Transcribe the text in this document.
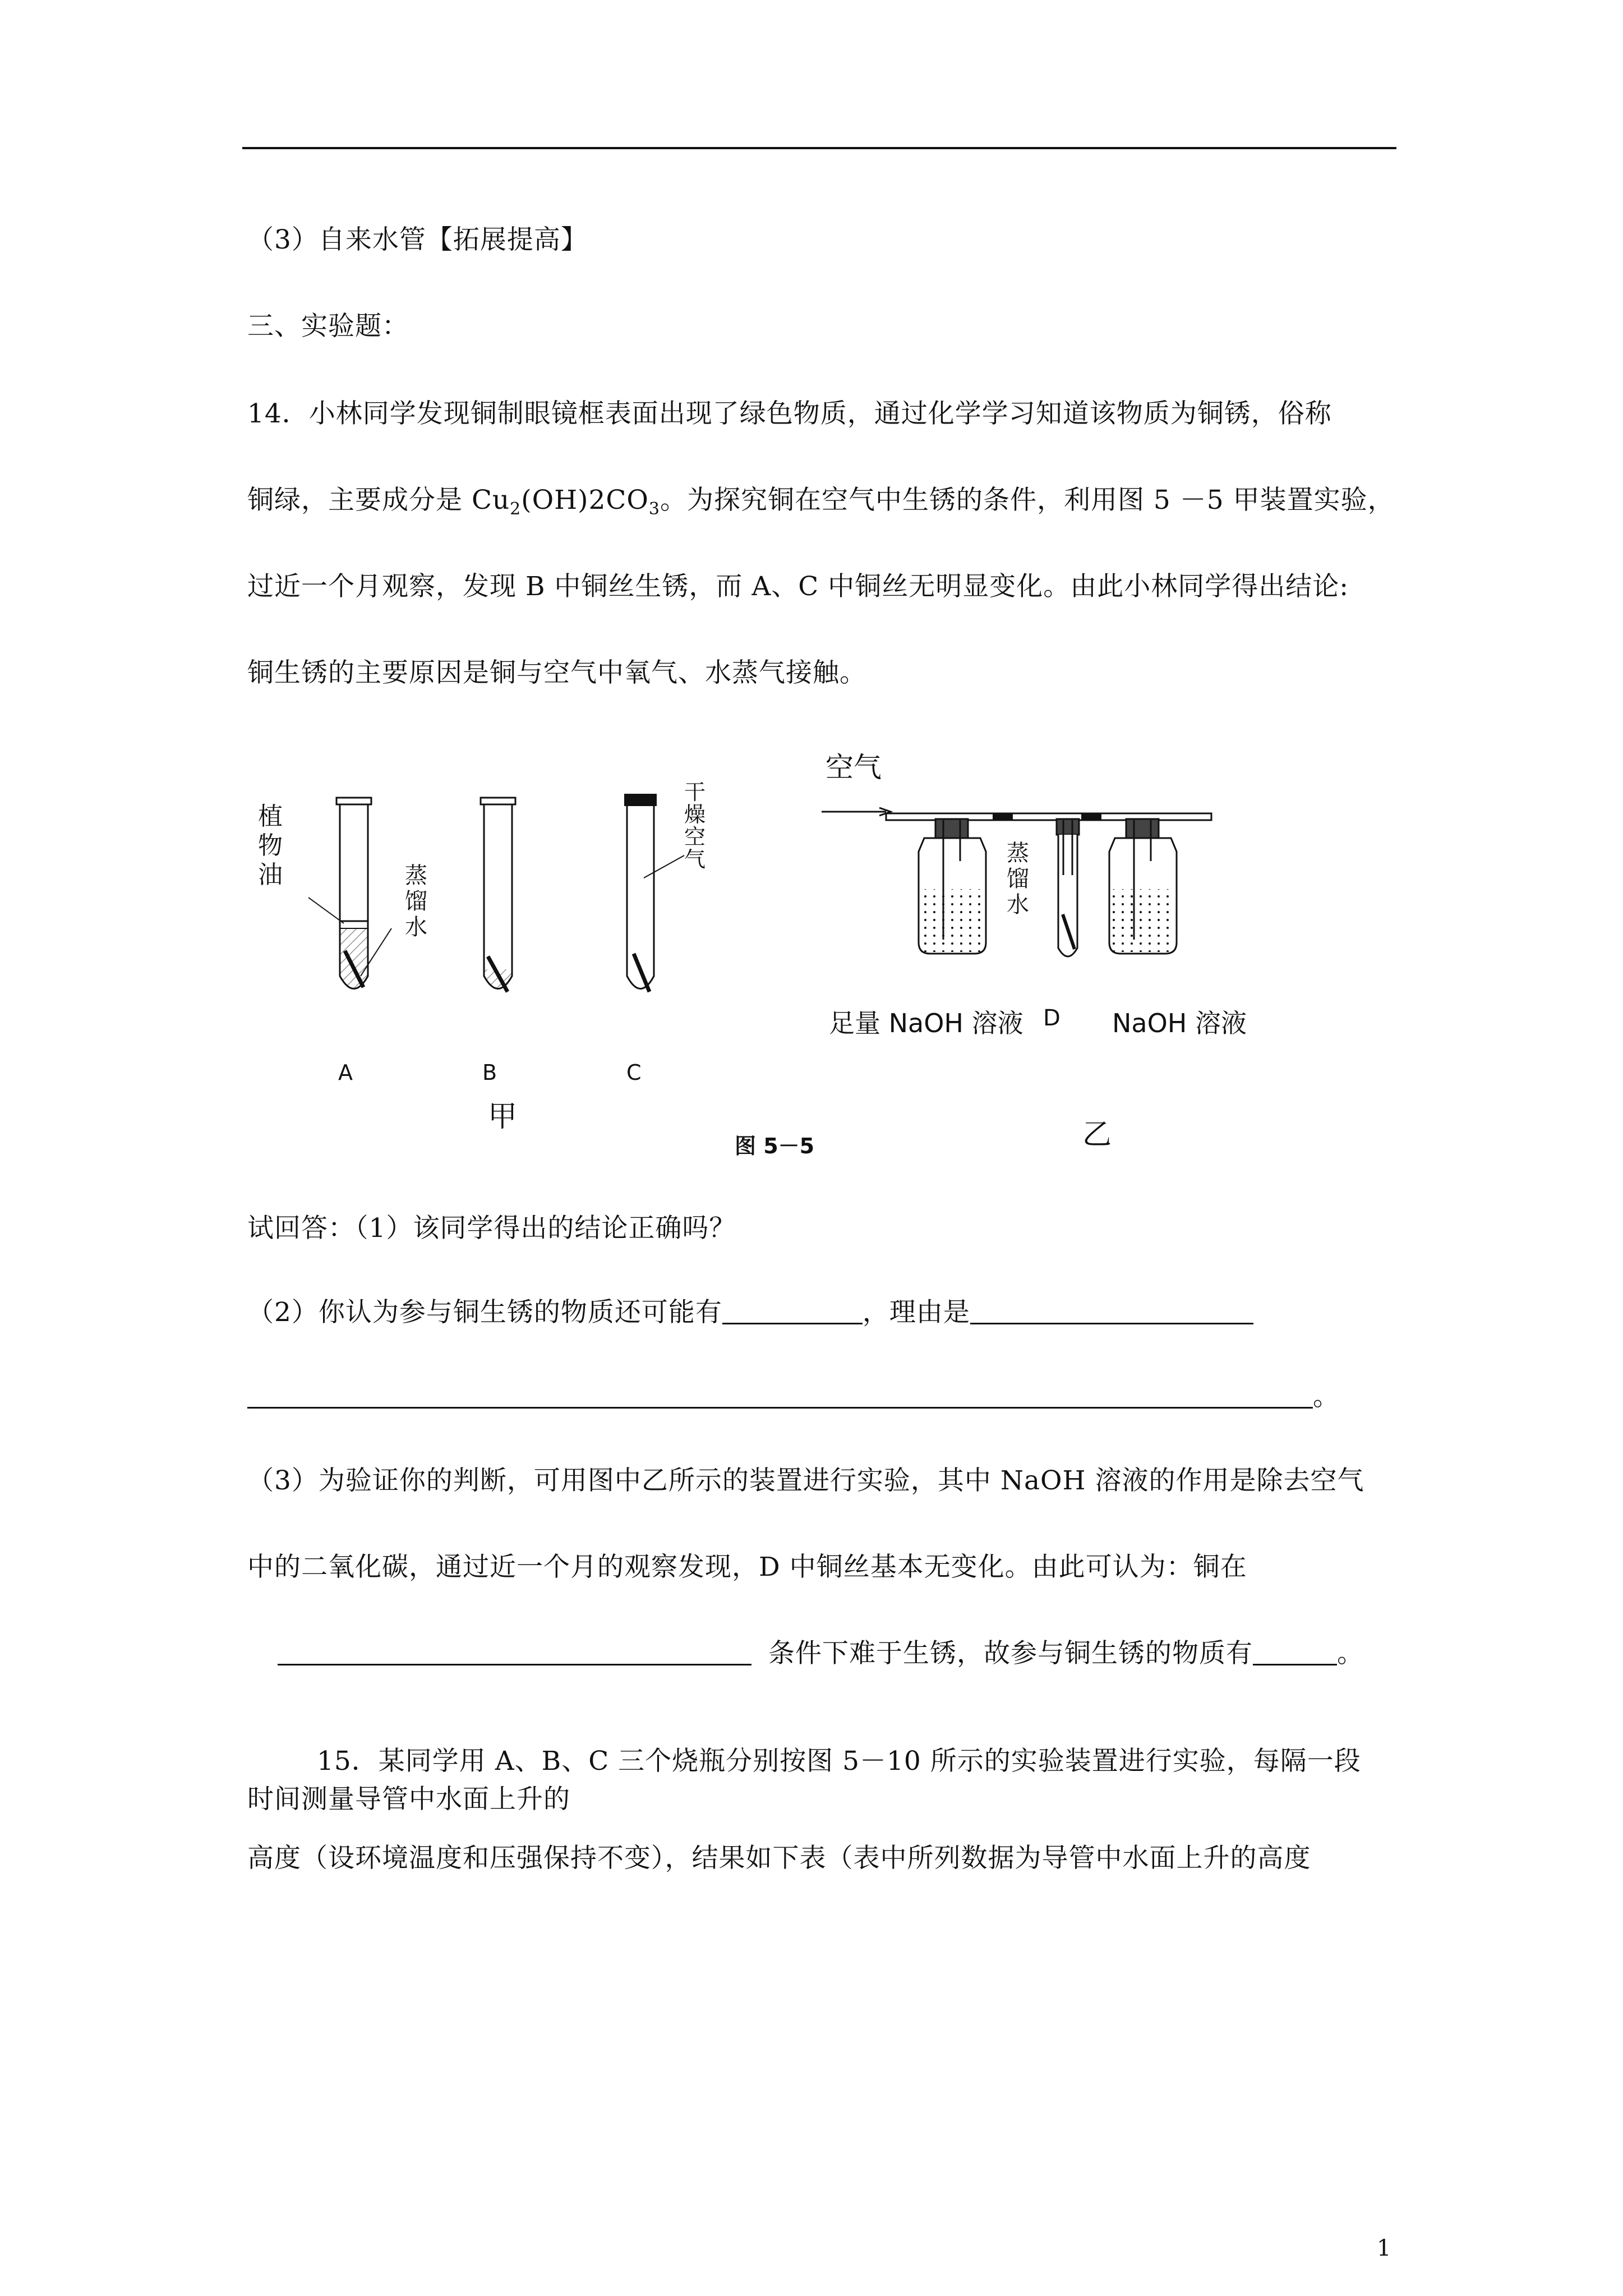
（3）自来水管【拓展提高】
三、实验题：
14．小林同学发现铜制眼镜框表面出现了绿色物质，通过化学学习知道该物质为铜锈，俗称
铜绿，主要成分是 $Cu_2(OH)2CO_3$。为探究铜在空气中生锈的条件，利用图 5 －5 甲装置实验，
过近一个月观察，发现 B 中铜丝生锈，而 A、C 中铜丝无明显变化。由此小林同学得出结论:
铜生锈的主要原因是铜与空气中氧气、水蒸气接触。
空气
植
物
油	蒸
馏
水
干
燥
空
气	蒸
馏
水
足量 NaOH 溶液 D NaOH 溶液
A	B	C
甲
乙
图 5－5
试回答：（1）该同学得出的结论正确吗？
（2）你认为参与铜生锈的物质还可能有	，理由是
。
（3）为验证你的判断，可用图中乙所示的装置进行实验，其中 NaOH 溶液的作用是除去空气
中的二氧化碳，通过近一个月的观察发现，D 中铜丝基本无变化。由此可认为：铜在
条件下难于生锈，故参与铜生锈的物质有	。
15．某同学用 A、B、C 三个烧瓶分别按图 5－10 所示的实验装置进行实验，每隔一段
时间测量导管中水面上升的
高度（设环境温度和压强保持不变），结果如下表（表中所列数据为导管中水面上升的高度
1
